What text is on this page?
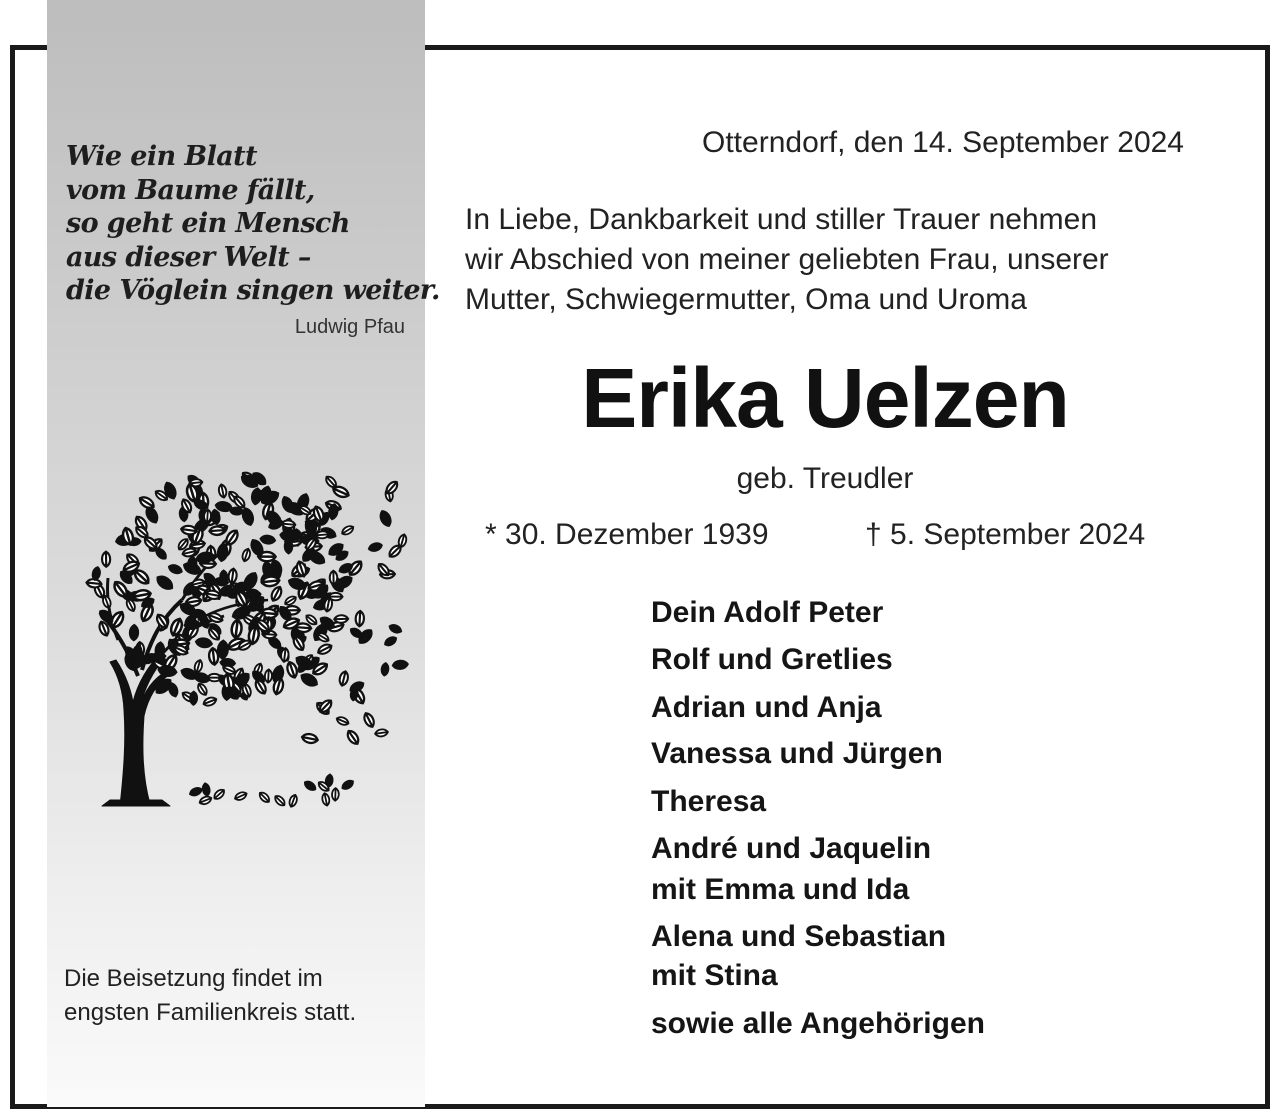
Wie ein Blatt
vom Baume fällt,
so geht ein Mensch
aus dieser Welt –
die Vöglein singen weiter.
Ludwig Pfau
Die Beisetzung findet im
engsten Familienkreis statt.
Otterndorf, den 14. September 2024
In Liebe, Dankbarkeit und stiller Trauer nehmen
wir Abschied von meiner geliebten Frau, unserer
Mutter, Schwiegermutter, Oma und Uroma
Erika Uelzen
geb. Treudler
* 30. Dezember 1939	† 5. September 2024
Dein Adolf Peter
Rolf und Gretlies
Adrian und Anja
Vanessa und Jürgen
Theresa
André und Jaquelin
mit Emma und Ida
Alena und Sebastian
mit Stina
sowie alle Angehörigen
